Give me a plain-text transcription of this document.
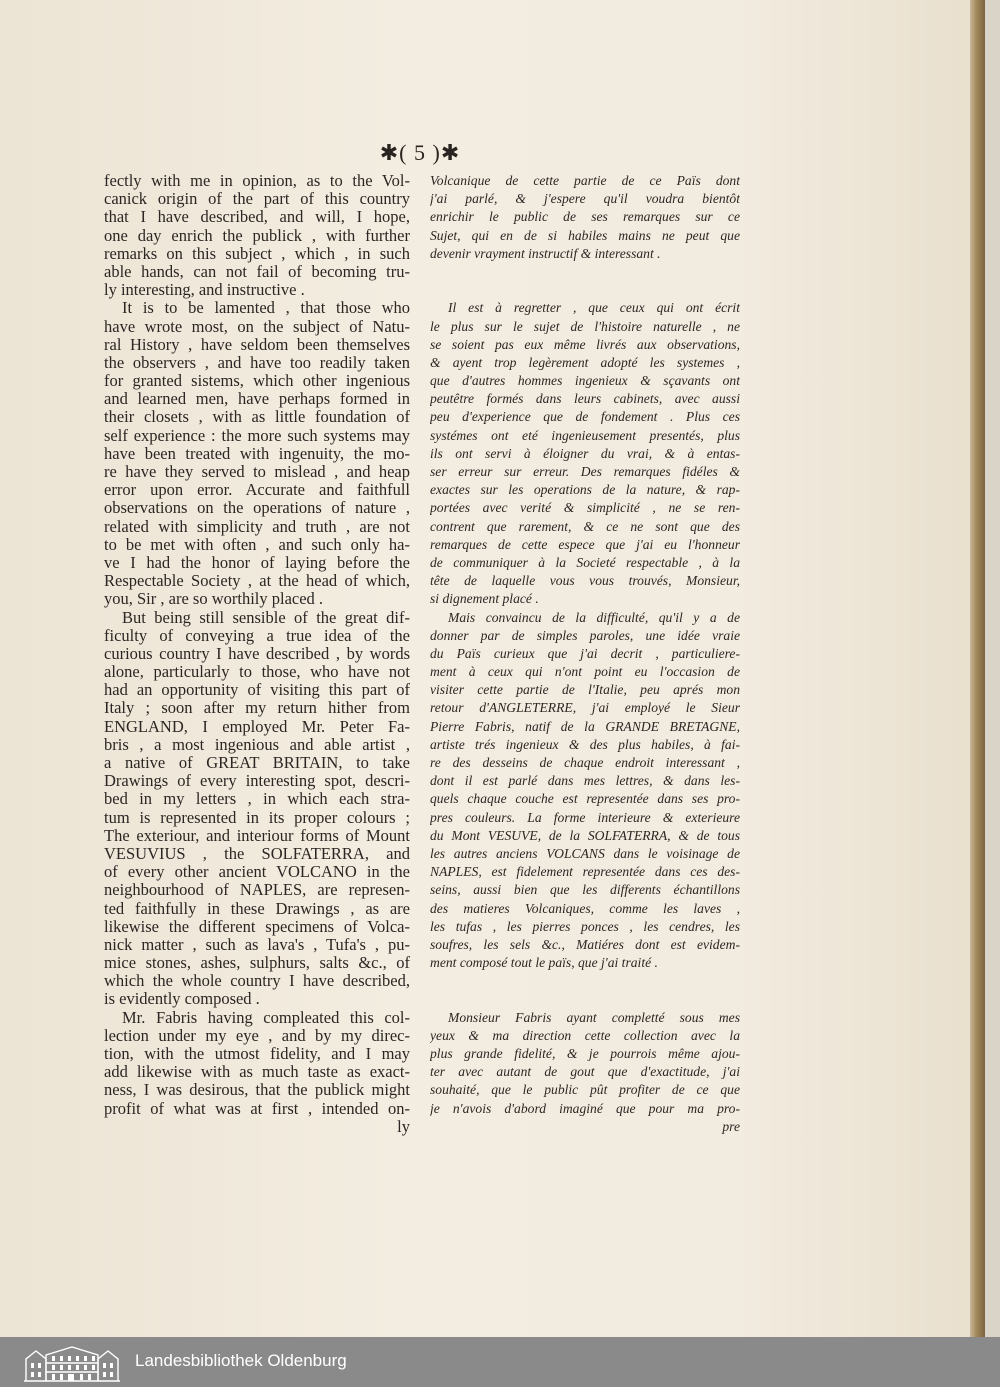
✱( 5 )✱
fectly with me in opinion, as to the Vol-
canick origin of the part of this country
that I have described, and will, I hope,
one day enrich the publick , with further
remarks on this subject , which , in such
able hands, can not fail of becoming tru-
ly interesting, and instructive .
It is to be lamented , that those who
have wrote most, on the subject of Natu-
ral History , have seldom been themselves
the observers , and have too readily taken
for granted sistems, which other ingenious
and learned men, have perhaps formed in
their closets , with as little foundation of
self experience : the more such systems may
have been treated with ingenuity, the mo-
re have they served to mislead , and heap
error upon error. Accurate and faithfull
observations on the operations of nature ,
related with simplicity and truth , are not
to be met with often , and such only ha-
ve I had the honor of laying before the
Respectable Society , at the head of which,
you, Sir , are so worthily placed .
But being still sensible of the great dif-
ficulty of conveying a true idea of the
curious country I have described , by words
alone, particularly to those, who have not
had an opportunity of visiting this part of
Italy ; soon after my return hither from
ENGLAND, I employed Mr. Peter Fa-
bris , a most ingenious and able artist ,
a native of GREAT BRITAIN, to take
Drawings of every interesting spot, descri-
bed in my letters , in which each stra-
tum is represented in its proper colours ;
The exteriour, and interiour forms of Mount
VESUVIUS , the SOLFATERRA, and
of every other ancient VOLCANO in the
neighbourhood of NAPLES, are represen-
ted faithfully in these Drawings , as are
likewise the different specimens of Volca-
nick matter , such as lava's , Tufa's , pu-
mice stones, ashes, sulphurs, salts &c., of
which the whole country I have described,
is evidently composed .
Mr. Fabris having compleated this col-
lection under my eye , and by my direc-
tion, with the utmost fidelity, and I may
add likewise with as much taste as exact-
ness, I was desirous, that the publick might
profit of what was at first , intended on-
ly
Volcanique de cette partie de ce Païs dont
j'ai parlé, & j'espere qu'il voudra bientôt
enrichir le public de ses remarques sur ce
Sujet, qui en de si habiles mains ne peut que
devenir vrayment instructif & interessant .
Il est à regretter , que ceux qui ont écrit
le plus sur le sujet de l'histoire naturelle , ne
se soient pas eux même livrés aux observations,
& ayent trop legèrement adopté les systemes ,
que d'autres hommes ingenieux & sçavants ont
peutêtre formés dans leurs cabinets, avec aussi
peu d'experience que de fondement . Plus ces
systémes ont eté ingenieusement presentés, plus
ils ont servi à éloigner du vrai, & à entas-
ser erreur sur erreur. Des remarques fidéles &
exactes sur les operations de la nature, & rap-
portées avec verité & simplicité , ne se ren-
contrent que rarement, & ce ne sont que des
remarques de cette espece que j'ai eu l'honneur
de communiquer à la Societé respectable , à la
tête de laquelle vous vous trouvés, Monsieur,
si dignement placé .
Mais convaincu de la difficulté, qu'il y a de
donner par de simples paroles, une idée vraie
du Païs curieux que j'ai decrit , particuliere-
ment à ceux qui n'ont point eu l'occasion de
visiter cette partie de l'Italie, peu aprés mon
retour d'ANGLETERRE, j'ai employé le Sieur
Pierre Fabris, natif de la GRANDE BRETAGNE,
artiste trés ingenieux & des plus habiles, à fai-
re des desseins de chaque endroit interessant ,
dont il est parlé dans mes lettres, & dans les-
quels chaque couche est representée dans ses pro-
pres couleurs. La forme interieure & exterieure
du Mont VESUVE, de la SOLFATERRA, & de tous
les autres anciens VOLCANS dans le voisinage de
NAPLES, est fidelement representée dans ces des-
seins, aussi bien que les differents échantillons
des matieres Volcaniques, comme les laves ,
les tufas , les pierres ponces , les cendres, les
soufres, les sels &c., Matiéres dont est evidem-
ment composé tout le païs, que j'ai traité .
Monsieur Fabris ayant completté sous mes
yeux & ma direction cette collection avec la
plus grande fidelité, & je pourrois même ajou-
ter avec autant de gout que d'exactitude, j'ai
souhaité, que le public pût profiter de ce que
je n'avois d'abord imaginé que pour ma pro-
pre
Landesbibliothek Oldenburg
